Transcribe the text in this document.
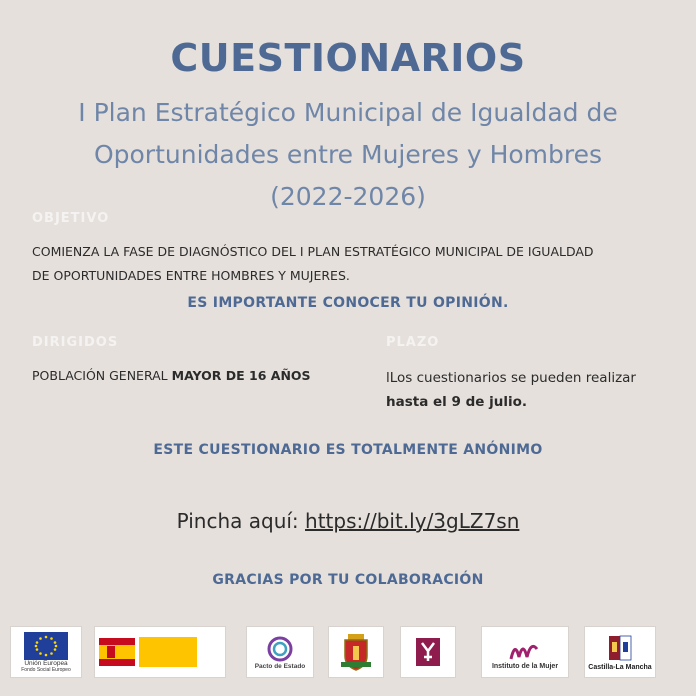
CUESTIONARIOS
I Plan Estratégico Municipal de Igualdad de
Oportunidades entre Mujeres y Hombres
(2022-2026)
OBJETIVO
COMIENZA LA FASE DE DIAGNÓSTICO DEL I PLAN ESTRATÉGICO MUNICIPAL DE IGUALDAD
DE OPORTUNIDADES ENTRE HOMBRES Y MUJERES.
ES IMPORTANTE CONOCER TU OPINIÓN.
DIRIGIDOS
POBLACIÓN GENERAL MAYOR DE 16 AÑOS
PLAZO
lLos cuestionarios se pueden realizar
hasta el 9 de julio.
ESTE CUESTIONARIO ES TOTALMENTE ANÓNIMO
Pincha aquí: https://bit.ly/3gLZ7sn
GRACIAS POR TU COLABORACIÓN
Unión Europea
Fondo Social Europeo	Pacto de Estado	Instituto de la Mujer	Castilla-La Mancha
